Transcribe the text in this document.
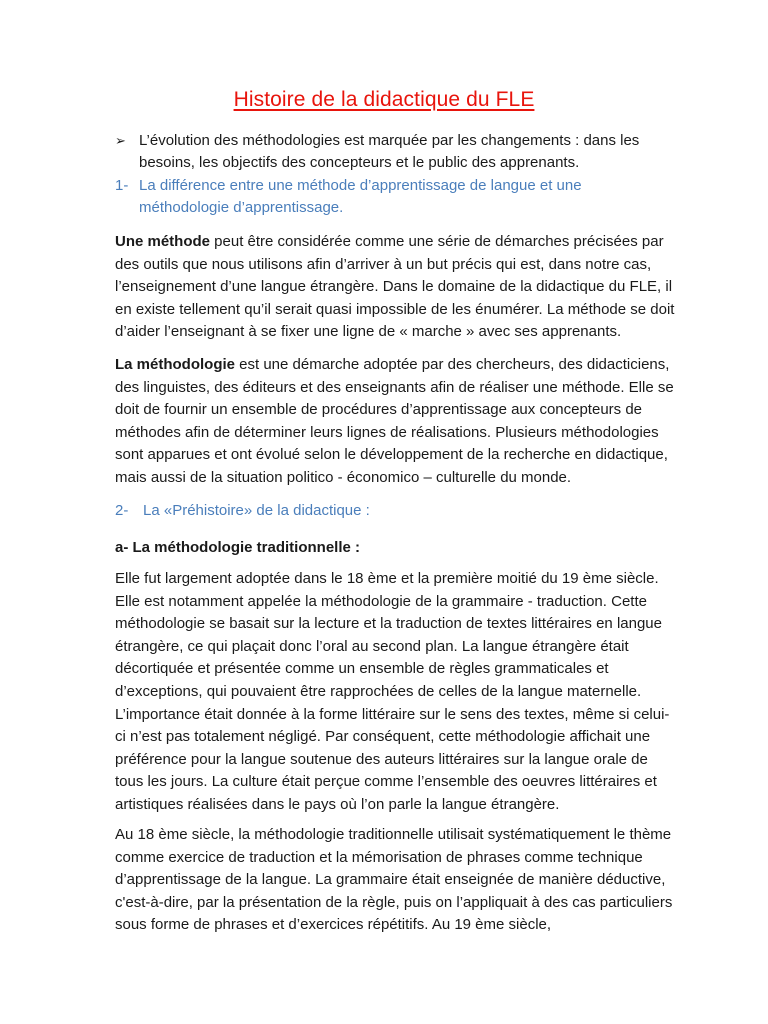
Histoire de la didactique du FLE
➢ L’évolution des méthodologies est marquée par les changements : dans les besoins, les objectifs des concepteurs et le public des apprenants.
1- La différence entre une méthode d’apprentissage de langue et une méthodologie d’apprentissage.
Une méthode peut être considérée comme une série de démarches précisées par des outils que nous utilisons afin d’arriver à un but précis qui est, dans notre cas, l’enseignement d’une langue étrangère. Dans le domaine de la didactique du FLE, il en existe tellement qu’il serait quasi impossible de les énumérer. La méthode se doit d’aider l’enseignant à se fixer une ligne de « marche » avec ses apprenants.
La méthodologie est une démarche adoptée par des chercheurs, des didacticiens, des linguistes, des éditeurs et des enseignants afin de réaliser une méthode. Elle se doit de fournir un ensemble de procédures d’apprentissage aux concepteurs de méthodes afin de déterminer leurs lignes de réalisations. Plusieurs méthodologies sont apparues et ont évolué selon le développement de la recherche en didactique, mais aussi de la situation politico - économico – culturelle du monde.
2- La «Préhistoire» de la didactique :
a- La méthodologie traditionnelle :
Elle fut largement adoptée dans le 18 ème et la première moitié du 19 ème siècle. Elle est notamment appelée la méthodologie de la grammaire - traduction. Cette méthodologie se basait sur la lecture et la traduction de textes littéraires en langue étrangère, ce qui plaçait donc l’oral au second plan. La langue étrangère était décortiquée et présentée comme un ensemble de règles grammaticales et d’exceptions, qui pouvaient être rapprochées de celles de la langue maternelle. L’importance était donnée à la forme littéraire sur le sens des textes, même si celui-ci n’est pas totalement négligé. Par conséquent, cette méthodologie affichait une préférence pour la langue soutenue des auteurs littéraires sur la langue orale de tous les jours. La culture était perçue comme l’ensemble des oeuvres littéraires et artistiques réalisées dans le pays où l’on parle la langue étrangère.
Au 18 ème siècle, la méthodologie traditionnelle utilisait systématiquement le thème comme exercice de traduction et la mémorisation de phrases comme technique d’apprentissage de la langue. La grammaire était enseignée de manière déductive, c'est-à-dire, par la présentation de la règle, puis on l’appliquait à des cas particuliers sous forme de phrases et d’exercices répétitifs. Au 19 ème siècle,
